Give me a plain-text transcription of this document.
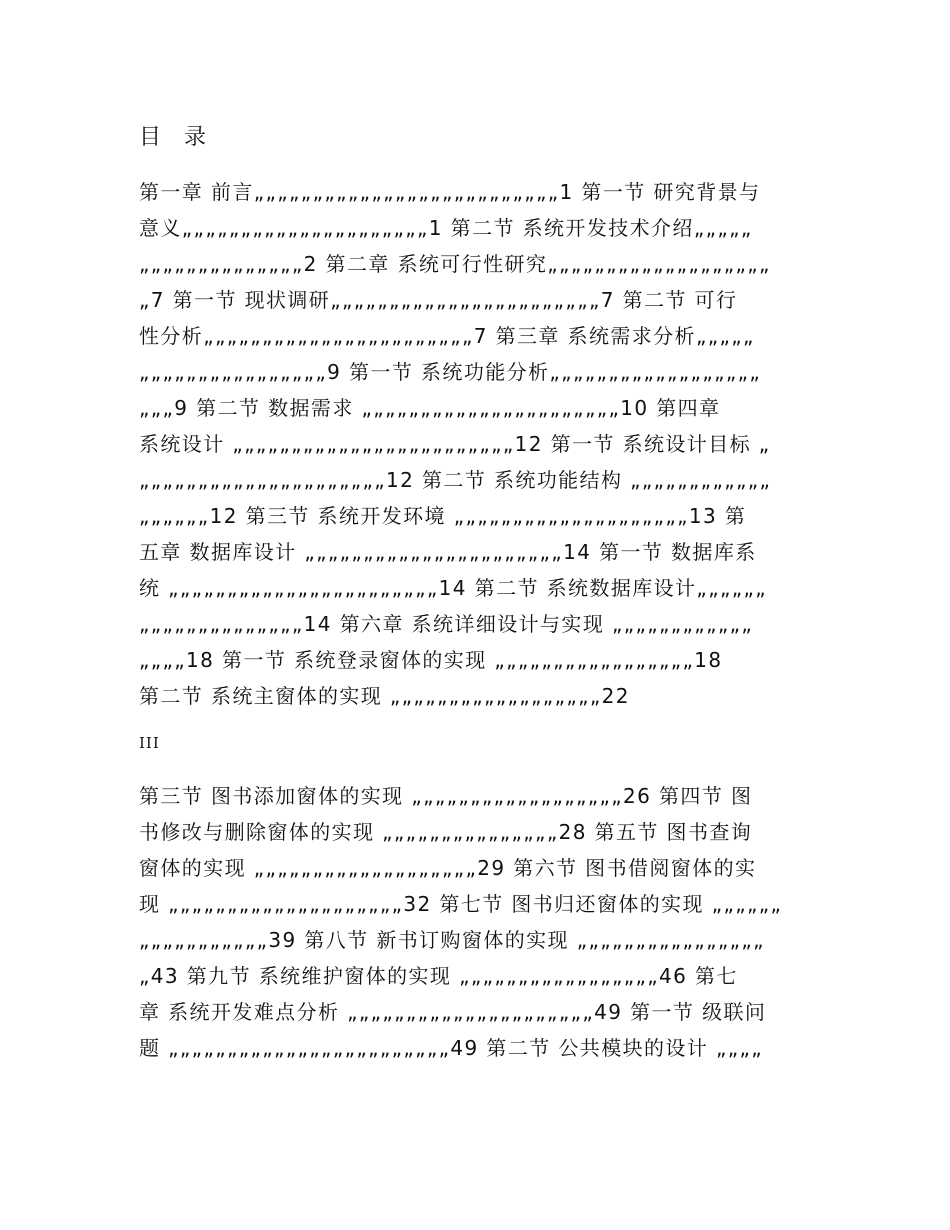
目 录
第一章 前言„„„„„„„„„„„„„„„„„„„„„„„„„„1 第一节 研究背景与
意义„„„„„„„„„„„„„„„„„„„„„1 第二节 系统开发技术介绍„„„„„
„„„„„„„„„„„„„„2 第二章 系统可行性研究„„„„„„„„„„„„„„„„„„„
„7 第一节 现状调研„„„„„„„„„„„„„„„„„„„„„„„7 第二节 可行
性分析„„„„„„„„„„„„„„„„„„„„„„„7 第三章 系统需求分析„„„„„
„„„„„„„„„„„„„„„„9 第一节 系统功能分析„„„„„„„„„„„„„„„„„„
„„„9 第二节 数据需求 „„„„„„„„„„„„„„„„„„„„„„10 第四章
系统设计 „„„„„„„„„„„„„„„„„„„„„„„„12 第一节 系统设计目标 „
„„„„„„„„„„„„„„„„„„„„„12 第二节 系统功能结构 „„„„„„„„„„„„
„„„„„„12 第三节 系统开发环境 „„„„„„„„„„„„„„„„„„„„13 第
五章 数据库设计 „„„„„„„„„„„„„„„„„„„„„„14 第一节 数据库系
统 „„„„„„„„„„„„„„„„„„„„„„„14 第二节 系统数据库设计„„„„„„
„„„„„„„„„„„„„„14 第六章 系统详细设计与实现 „„„„„„„„„„„„
„„„„18 第一节 系统登录窗体的实现 „„„„„„„„„„„„„„„„„18
第二节 系统主窗体的实现 „„„„„„„„„„„„„„„„„„22
III
第三节 图书添加窗体的实现 „„„„„„„„„„„„„„„„„„26 第四节 图
书修改与删除窗体的实现 „„„„„„„„„„„„„„„28 第五节 图书查询
窗体的实现 „„„„„„„„„„„„„„„„„„„29 第六节 图书借阅窗体的实
现 „„„„„„„„„„„„„„„„„„„„32 第七节 图书归还窗体的实现 „„„„„„
„„„„„„„„„„„39 第八节 新书订购窗体的实现 „„„„„„„„„„„„„„„„
„43 第九节 系统维护窗体的实现 „„„„„„„„„„„„„„„„„46 第七
章 系统开发难点分析 „„„„„„„„„„„„„„„„„„„„„49 第一节 级联问
题 „„„„„„„„„„„„„„„„„„„„„„„„49 第二节 公共模块的设计 „„„„
